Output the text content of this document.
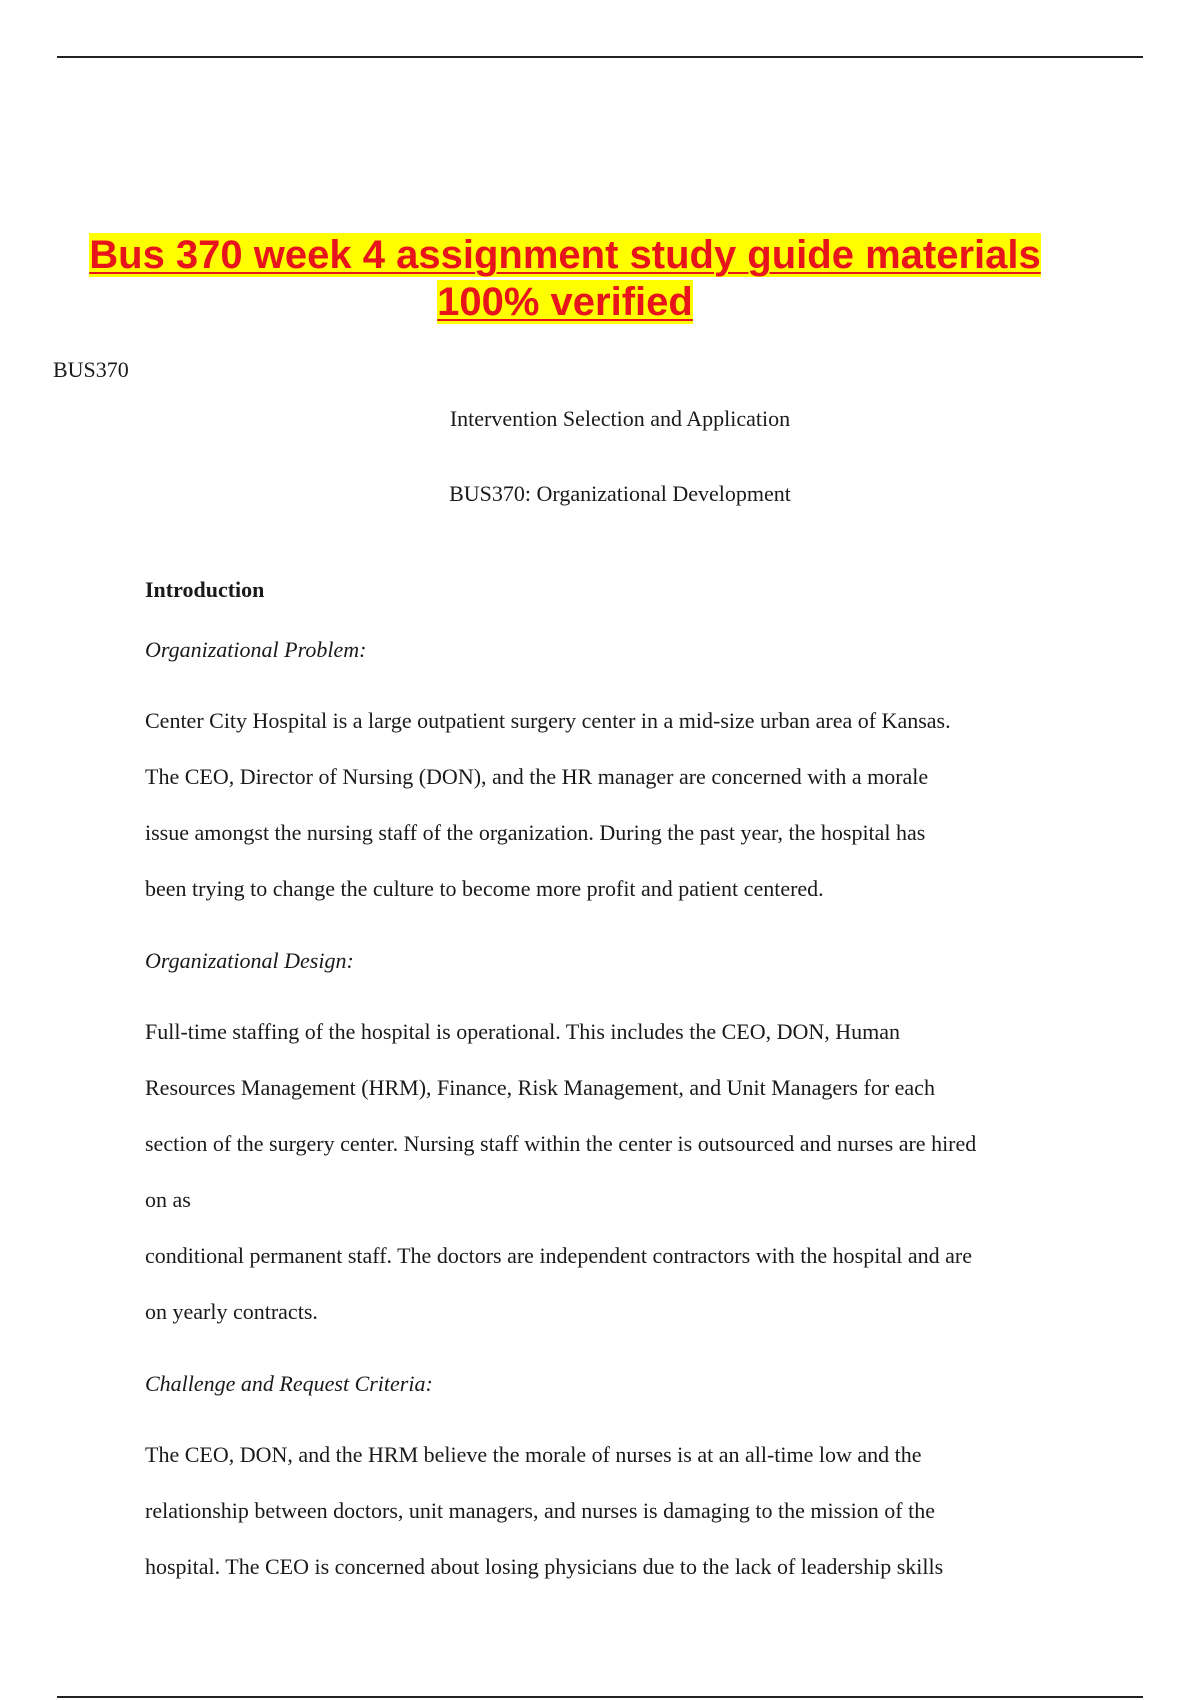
Bus 370 week 4 assignment study guide materials 100% verified
BUS370
Intervention Selection and Application
BUS370: Organizational Development
Introduction
Organizational Problem:
Center City Hospital is a large outpatient surgery center in a mid-size urban area of Kansas.
The CEO, Director of Nursing (DON), and the HR manager are concerned with a morale
issue amongst the nursing staff of the organization. During the past year, the hospital has
been trying to change the culture to become more profit and patient centered.
Organizational Design:
Full-time staffing of the hospital is operational. This includes the CEO, DON, Human
Resources Management (HRM), Finance, Risk Management, and Unit Managers for each
section of the surgery center. Nursing staff within the center is outsourced and nurses are hired
on as
conditional permanent staff. The doctors are independent contractors with the hospital and are
on yearly contracts.
Challenge and Request Criteria:
The CEO, DON, and the HRM believe the morale of nurses is at an all-time low and the
relationship between doctors, unit managers, and nurses is damaging to the mission of the
hospital. The CEO is concerned about losing physicians due to the lack of leadership skills
